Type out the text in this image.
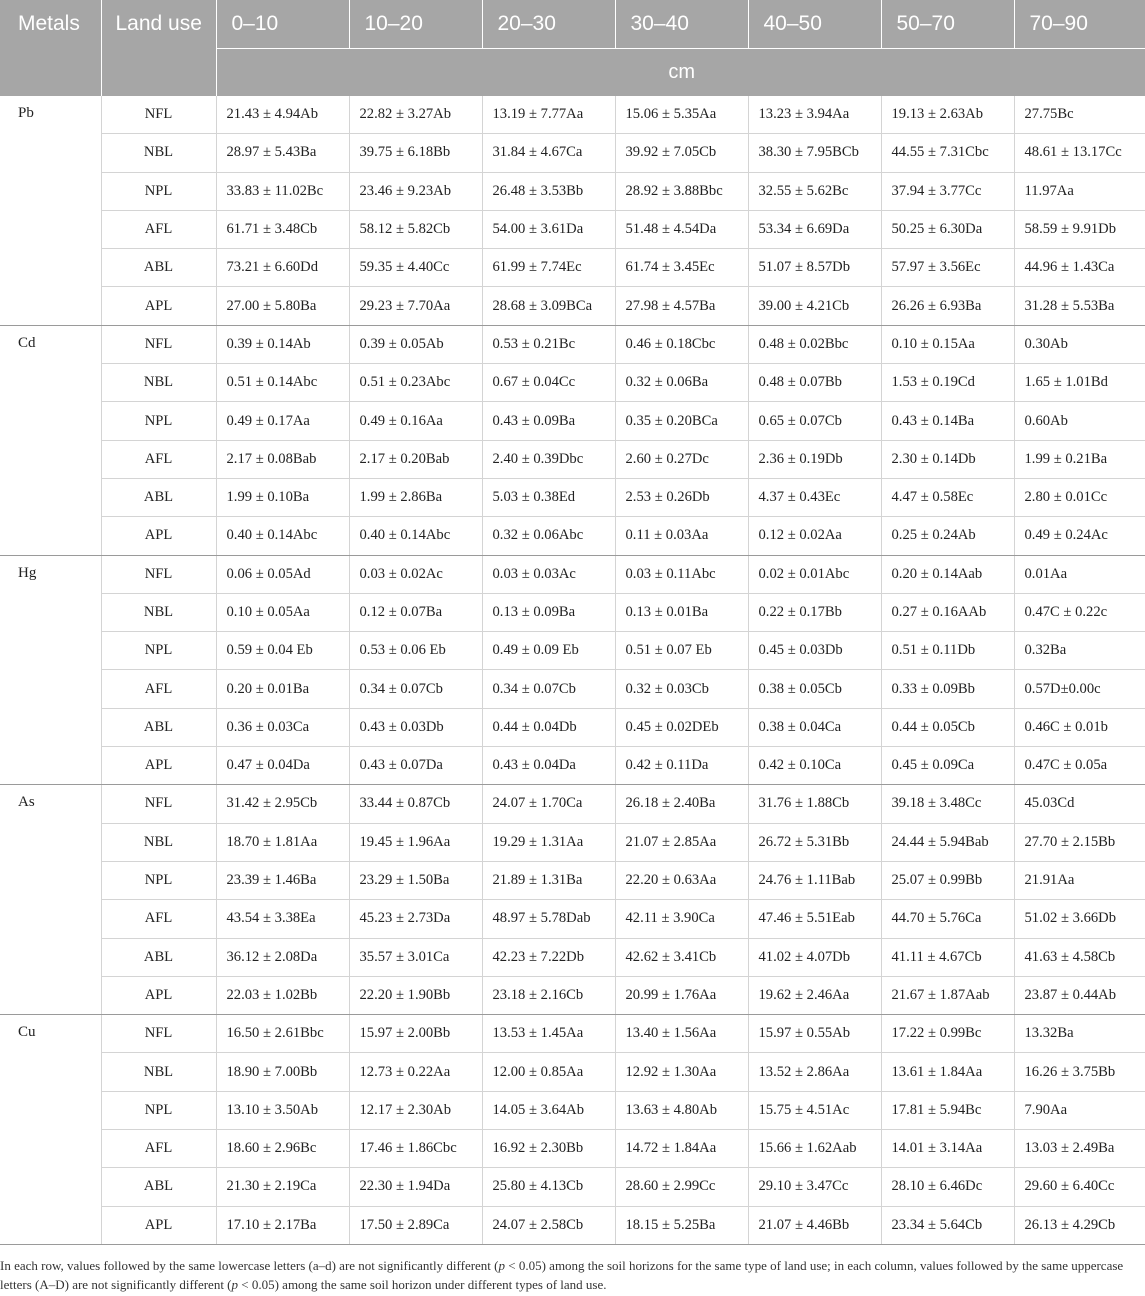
Metals	Land use	0–10	10–20	20–30	30–40	40–50	50–70	70–90
		cm						
Pb	NFL	21.43 ± 4.94Ab	22.82 ± 3.27Ab	13.19 ± 7.77Aa	15.06 ± 5.35Aa	13.23 ± 3.94Aa	19.13 ± 2.63Ab	27.75Bc
	NBL	28.97 ± 5.43Ba	39.75 ± 6.18Bb	31.84 ± 4.67Ca	39.92 ± 7.05Cb	38.30 ± 7.95BCb	44.55 ± 7.31Cbc	48.61 ± 13.17Cc
	NPL	33.83 ± 11.02Bc	23.46 ± 9.23Ab	26.48 ± 3.53Bb	28.92 ± 3.88Bbc	32.55 ± 5.62Bc	37.94 ± 3.77Cc	11.97Aa
	AFL	61.71 ± 3.48Cb	58.12 ± 5.82Cb	54.00 ± 3.61Da	51.48 ± 4.54Da	53.34 ± 6.69Da	50.25 ± 6.30Da	58.59 ± 9.91Db
	ABL	73.21 ± 6.60Dd	59.35 ± 4.40Cc	61.99 ± 7.74Ec	61.74 ± 3.45Ec	51.07 ± 8.57Db	57.97 ± 3.56Ec	44.96 ± 1.43Ca
	APL	27.00 ± 5.80Ba	29.23 ± 7.70Aa	28.68 ± 3.09BCa	27.98 ± 4.57Ba	39.00 ± 4.21Cb	26.26 ± 6.93Ba	31.28 ± 5.53Ba
Cd	NFL	0.39 ± 0.14Ab	0.39 ± 0.05Ab	0.53 ± 0.21Bc	0.46 ± 0.18Cbc	0.48 ± 0.02Bbc	0.10 ± 0.15Aa	0.30Ab
	NBL	0.51 ± 0.14Abc	0.51 ± 0.23Abc	0.67 ± 0.04Cc	0.32 ± 0.06Ba	0.48 ± 0.07Bb	1.53 ± 0.19Cd	1.65 ± 1.01Bd
	NPL	0.49 ± 0.17Aa	0.49 ± 0.16Aa	0.43 ± 0.09Ba	0.35 ± 0.20BCa	0.65 ± 0.07Cb	0.43 ± 0.14Ba	0.60Ab
	AFL	2.17 ± 0.08Bab	2.17 ± 0.20Bab	2.40 ± 0.39Dbc	2.60 ± 0.27Dc	2.36 ± 0.19Db	2.30 ± 0.14Db	1.99 ± 0.21Ba
	ABL	1.99 ± 0.10Ba	1.99 ± 2.86Ba	5.03 ± 0.38Ed	2.53 ± 0.26Db	4.37 ± 0.43Ec	4.47 ± 0.58Ec	2.80 ± 0.01Cc
	APL	0.40 ± 0.14Abc	0.40 ± 0.14Abc	0.32 ± 0.06Abc	0.11 ± 0.03Aa	0.12 ± 0.02Aa	0.25 ± 0.24Ab	0.49 ± 0.24Ac
Hg	NFL	0.06 ± 0.05Ad	0.03 ± 0.02Ac	0.03 ± 0.03Ac	0.03 ± 0.11Abc	0.02 ± 0.01Abc	0.20 ± 0.14Aab	0.01Aa
	NBL	0.10 ± 0.05Aa	0.12 ± 0.07Ba	0.13 ± 0.09Ba	0.13 ± 0.01Ba	0.22 ± 0.17Bb	0.27 ± 0.16AAb	0.47C ± 0.22c
	NPL	0.59 ± 0.04 Eb	0.53 ± 0.06 Eb	0.49 ± 0.09 Eb	0.51 ± 0.07 Eb	0.45 ± 0.03Db	0.51 ± 0.11Db	0.32Ba
	AFL	0.20 ± 0.01Ba	0.34 ± 0.07Cb	0.34 ± 0.07Cb	0.32 ± 0.03Cb	0.38 ± 0.05Cb	0.33 ± 0.09Bb	0.57D±0.00c
	ABL	0.36 ± 0.03Ca	0.43 ± 0.03Db	0.44 ± 0.04Db	0.45 ± 0.02DEb	0.38 ± 0.04Ca	0.44 ± 0.05Cb	0.46C ± 0.01b
	APL	0.47 ± 0.04Da	0.43 ± 0.07Da	0.43 ± 0.04Da	0.42 ± 0.11Da	0.42 ± 0.10Ca	0.45 ± 0.09Ca	0.47C ± 0.05a
As	NFL	31.42 ± 2.95Cb	33.44 ± 0.87Cb	24.07 ± 1.70Ca	26.18 ± 2.40Ba	31.76 ± 1.88Cb	39.18 ± 3.48Cc	45.03Cd
	NBL	18.70 ± 1.81Aa	19.45 ± 1.96Aa	19.29 ± 1.31Aa	21.07 ± 2.85Aa	26.72 ± 5.31Bb	24.44 ± 5.94Bab	27.70 ± 2.15Bb
	NPL	23.39 ± 1.46Ba	23.29 ± 1.50Ba	21.89 ± 1.31Ba	22.20 ± 0.63Aa	24.76 ± 1.11Bab	25.07 ± 0.99Bb	21.91Aa
	AFL	43.54 ± 3.38Ea	45.23 ± 2.73Da	48.97 ± 5.78Dab	42.11 ± 3.90Ca	47.46 ± 5.51Eab	44.70 ± 5.76Ca	51.02 ± 3.66Db
	ABL	36.12 ± 2.08Da	35.57 ± 3.01Ca	42.23 ± 7.22Db	42.62 ± 3.41Cb	41.02 ± 4.07Db	41.11 ± 4.67Cb	41.63 ± 4.58Cb
	APL	22.03 ± 1.02Bb	22.20 ± 1.90Bb	23.18 ± 2.16Cb	20.99 ± 1.76Aa	19.62 ± 2.46Aa	21.67 ± 1.87Aab	23.87 ± 0.44Ab
Cu	NFL	16.50 ± 2.61Bbc	15.97 ± 2.00Bb	13.53 ± 1.45Aa	13.40 ± 1.56Aa	15.97 ± 0.55Ab	17.22 ± 0.99Bc	13.32Ba
	NBL	18.90 ± 7.00Bb	12.73 ± 0.22Aa	12.00 ± 0.85Aa	12.92 ± 1.30Aa	13.52 ± 2.86Aa	13.61 ± 1.84Aa	16.26 ± 3.75Bb
	NPL	13.10 ± 3.50Ab	12.17 ± 2.30Ab	14.05 ± 3.64Ab	13.63 ± 4.80Ab	15.75 ± 4.51Ac	17.81 ± 5.94Bc	7.90Aa
	AFL	18.60 ± 2.96Bc	17.46 ± 1.86Cbc	16.92 ± 2.30Bb	14.72 ± 1.84Aa	15.66 ± 1.62Aab	14.01 ± 3.14Aa	13.03 ± 2.49Ba
	ABL	21.30 ± 2.19Ca	22.30 ± 1.94Da	25.80 ± 4.13Cb	28.60 ± 2.99Cc	29.10 ± 3.47Cc	28.10 ± 6.46Dc	29.60 ± 6.40Cc
	APL	17.10 ± 2.17Ba	17.50 ± 2.89Ca	24.07 ± 2.58Cb	18.15 ± 5.25Ba	21.07 ± 4.46Bb	23.34 ± 5.64Cb	26.13 ± 4.29Cb
In each row, values followed by the same lowercase letters (a–d) are not significantly different (p < 0.05) among the soil horizons for the same type of land use; in each column, values followed by the same uppercase letters (A–D) are not significantly different (p < 0.05) among the same soil horizon under different types of land use.
